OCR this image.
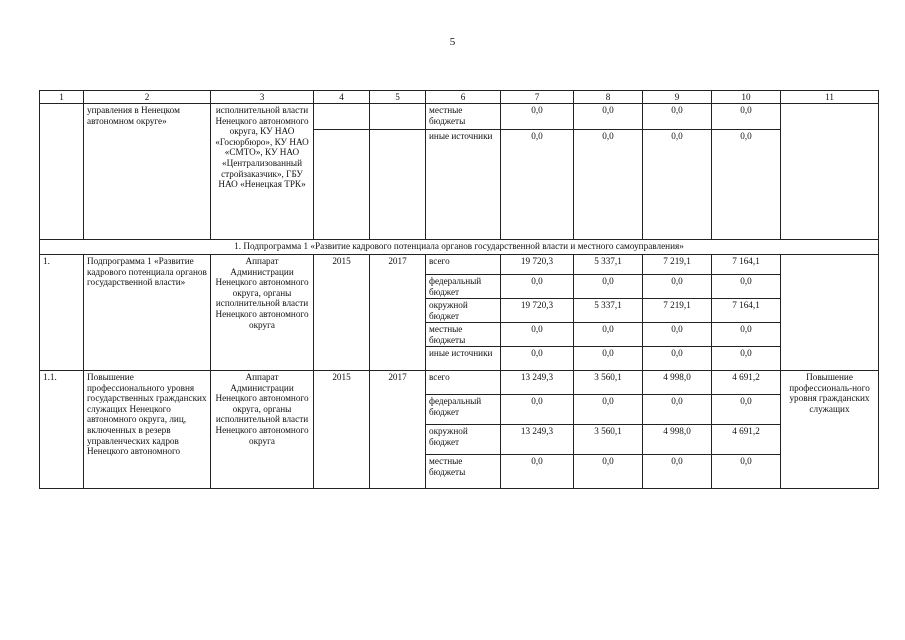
5
1	2	3	4	5	6	7	8	9	10	11
	управления в Ненецком автономном округе»	исполнительной власти Ненецкого автономного округа, КУ НАО «Госюрбюро», КУ НАО «СМТО», КУ НАО «Централизованный стройзаказчик», ГБУ НАО «Ненецкая ТРК»			местные бюджеты	0,0	0,0	0,0	0,0	
					иные источники	0,0	0,0	0,0	0,0	
1. Подпрограмма 1 «Развитие кадрового потенциала органов государственной власти и местного самоуправления»										
1.	Подпрограмма 1 «Развитие кадрового потенциала органов государственной власти»	Аппарат Администрации Ненецкого автономного округа, органы исполнительной власти Ненецкого автономного округа	2015	2017	всего	19 720,3	5 337,1	7 219,1	7 164,1	
					федеральный бюджет	0,0	0,0	0,0	0,0	
					окружной бюджет	19 720,3	5 337,1	7 219,1	7 164,1	
					местные бюджеты	0,0	0,0	0,0	0,0	
					иные источники	0,0	0,0	0,0	0,0	
1.1.	Повышение профессионального уровня государственных гражданских служащих Ненецкого автономного округа, лиц, включенных в резерв управленческих кадров Ненецкого автономного	Аппарат Администрации Ненецкого автономного округа, органы исполнительной власти Ненецкого автономного округа	2015	2017	всего	13 249,3	3 560,1	4 998,0	4 691,2	Повышение профессиональ-ного уровня гражданских служащих
					федеральный бюджет	0,0	0,0	0,0	0,0	
					окружной бюджет	13 249,3	3 560,1	4 998,0	4 691,2	
					местные бюджеты	0,0	0,0	0,0	0,0	
